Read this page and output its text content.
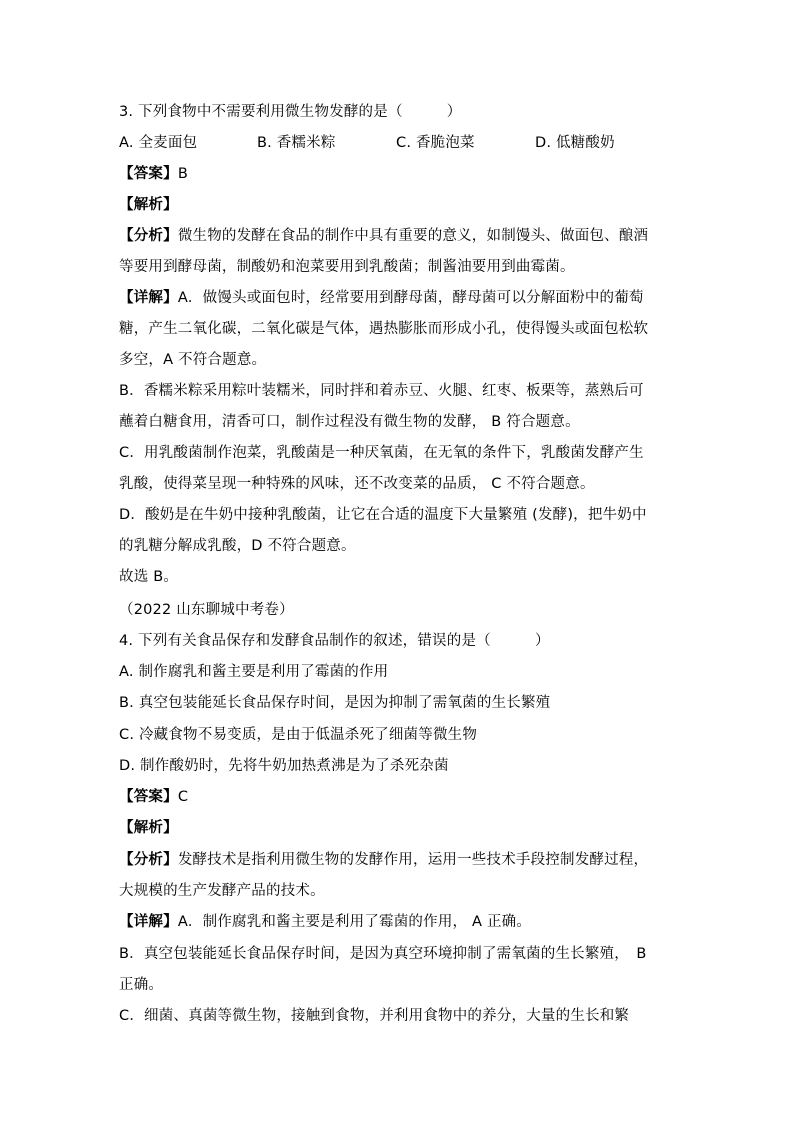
3. 下列食物中不需要利用微生物发酵的是（　　　）
A. 全麦面包	B. 香糯米粽	C. 香脆泡菜	D. 低糖酸奶
【答案】B
【解析】
【分析】微生物的发酵在食品的制作中具有重要的意义，如制馒头、做面包、酿酒
等要用到酵母菌，制酸奶和泡菜要用到乳酸菌；制酱油要用到曲霉菌。
【详解】A．做馒头或面包时，经常要用到酵母菌，酵母菌可以分解面粉中的葡萄
糖，产生二氧化碳，二氧化碳是气体，遇热膨胀而形成小孔，使得馒头或面包松软
多空，A 不符合题意。
B．香糯米粽采用粽叶装糯米，同时拌和着赤豆、火腿、红枣、板栗等，蒸熟后可
蘸着白糖食用，清香可口，制作过程没有微生物的发酵， B 符合题意。
C．用乳酸菌制作泡菜，乳酸菌是一种厌氧菌，在无氧的条件下，乳酸菌发酵产生
乳酸，使得菜呈现一种特殊的风味，还不改变菜的品质， C 不符合题意。
D．酸奶是在牛奶中接种乳酸菌，让它在合适的温度下大量繁殖 (发酵)，把牛奶中
的乳糖分解成乳酸，D 不符合题意。
故选 B。
（2022 山东聊城中考卷）
4. 下列有关食品保存和发酵食品制作的叙述，错误的是（　　　）
A. 制作腐乳和酱主要是利用了霉菌的作用
B. 真空包装能延长食品保存时间，是因为抑制了需氧菌的生长繁殖
C. 冷藏食物不易变质，是由于低温杀死了细菌等微生物
D. 制作酸奶时，先将牛奶加热煮沸是为了杀死杂菌
【答案】C
【解析】
【分析】发酵技术是指利用微生物的发酵作用，运用一些技术手段控制发酵过程，
大规模的生产发酵产品的技术。
【详解】A．制作腐乳和酱主要是利用了霉菌的作用， A 正确。
B．真空包装能延长食品保存时间，是因为真空环境抑制了需氧菌的生长繁殖，　B
正确。
C．细菌、真菌等微生物，接触到食物，并利用食物中的养分，大量的生长和繁
